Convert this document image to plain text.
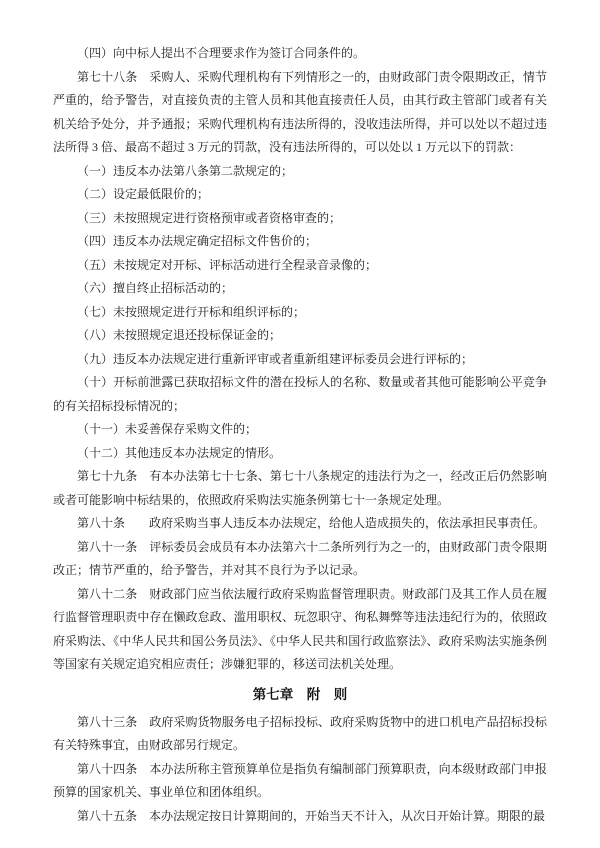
（四）向中标人提出不合理要求作为签订合同条件的。

第七十八条　采购人、采购代理机构有下列情形之一的，由财政部门责令限期改正，情节严重的，给予警告，对直接负责的主管人员和其他直接责任人员，由其行政主管部门或者有关机关给予处分，并予通报；采购代理机构有违法所得的，没收违法所得，并可以处以不超过违法所得 3 倍、最高不超过 3 万元的罚款，没有违法所得的，可以处以 1 万元以下的罚款：

（一）违反本办法第八条第二款规定的；

（二）设定最低限价的；

（三）未按照规定进行资格预审或者资格审查的；

（四）违反本办法规定确定招标文件售价的；

（五）未按规定对开标、评标活动进行全程录音录像的；

（六）擅自终止招标活动的；

（七）未按照规定进行开标和组织评标的；

（八）未按照规定退还投标保证金的；

（九）违反本办法规定进行重新评审或者重新组建评标委员会进行评标的；

（十）开标前泄露已获取招标文件的潜在投标人的名称、数量或者其他可能影响公平竞争的有关招标投标情况的；

（十一）未妥善保存采购文件的；

（十二）其他违反本办法规定的情形。

第七十九条　有本办法第七十七条、第七十八条规定的违法行为之一，经改正后仍然影响或者可能影响中标结果的，依照政府采购法实施条例第七十一条规定处理。

第八十条　　政府采购当事人违反本办法规定，给他人造成损失的，依法承担民事责任。

第八十一条　评标委员会成员有本办法第六十二条所列行为之一的，由财政部门责令限期改正；情节严重的，给予警告，并对其不良行为予以记录。

第八十二条　财政部门应当依法履行政府采购监督管理职责。财政部门及其工作人员在履行监督管理职责中存在懒政怠政、滥用职权、玩忽职守、徇私舞弊等违法违纪行为的，依照政府采购法、《中华人民共和国公务员法》、《中华人民共和国行政监察法》、政府采购法实施条例等国家有关规定追究相应责任；涉嫌犯罪的，移送司法机关处理。

第七章　附　则

第八十三条　政府采购货物服务电子招标投标、政府采购货物中的进口机电产品招标投标有关特殊事宜，由财政部另行规定。

第八十四条　本办法所称主管预算单位是指负有编制部门预算职责，向本级财政部门申报预算的国家机关、事业单位和团体组织。

第八十五条　本办法规定按日计算期间的，开始当天不计入，从次日开始计算。期限的最
